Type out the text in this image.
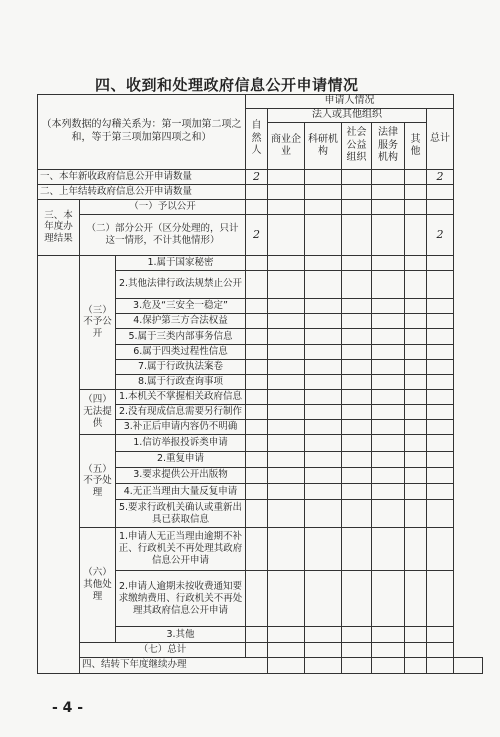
四、收到和处理政府信息公开申请情况
（本列数据的勾稽关系为：第一项加第二项之和，等于第三项加第四项之和）			申请人情况							
			自然人	法人或其他组织					总计	
				商业企业	科研机构	社会公益组织	法律服务机构	其他		
一、本年新收政府信息公开申请数量			2						2	
二、上年结转政府信息公开申请数量										
三、本年度办理结果	（一）予以公开									
	（二）部分公开（区分处理的，只计这一情形，不计其他情形）		2						2	
	（三）不予公开	1.属于国家秘密								
		2.其他法律行政法规禁止公开								
		3.危及“三安全一稳定”								
		4.保护第三方合法权益								
		5.属于三类内部事务信息								
		6.属于四类过程性信息								
		7.属于行政执法案卷								
		8.属于行政查询事项								
	（四）无法提供	1.本机关不掌握相关政府信息								
		2.没有现成信息需要另行制作								
		3.补正后申请内容仍不明确								
	（五）不予处理	1.信访举报投诉类申请								
		2.重复申请								
		3.要求提供公开出版物								
		4.无正当理由大量反复申请								
		5.要求行政机关确认或重新出具已获取信息								
	（六）其他处理	1.申请人无正当理由逾期不补正、行政机关不再处理其政府信息公开申请								
		2.申请人逾期未按收费通知要求缴纳费用、行政机关不再处理其政府信息公开申请								
		3.其他								
	（七）总计									
	四、结转下年度继续办理									
- 4 -
